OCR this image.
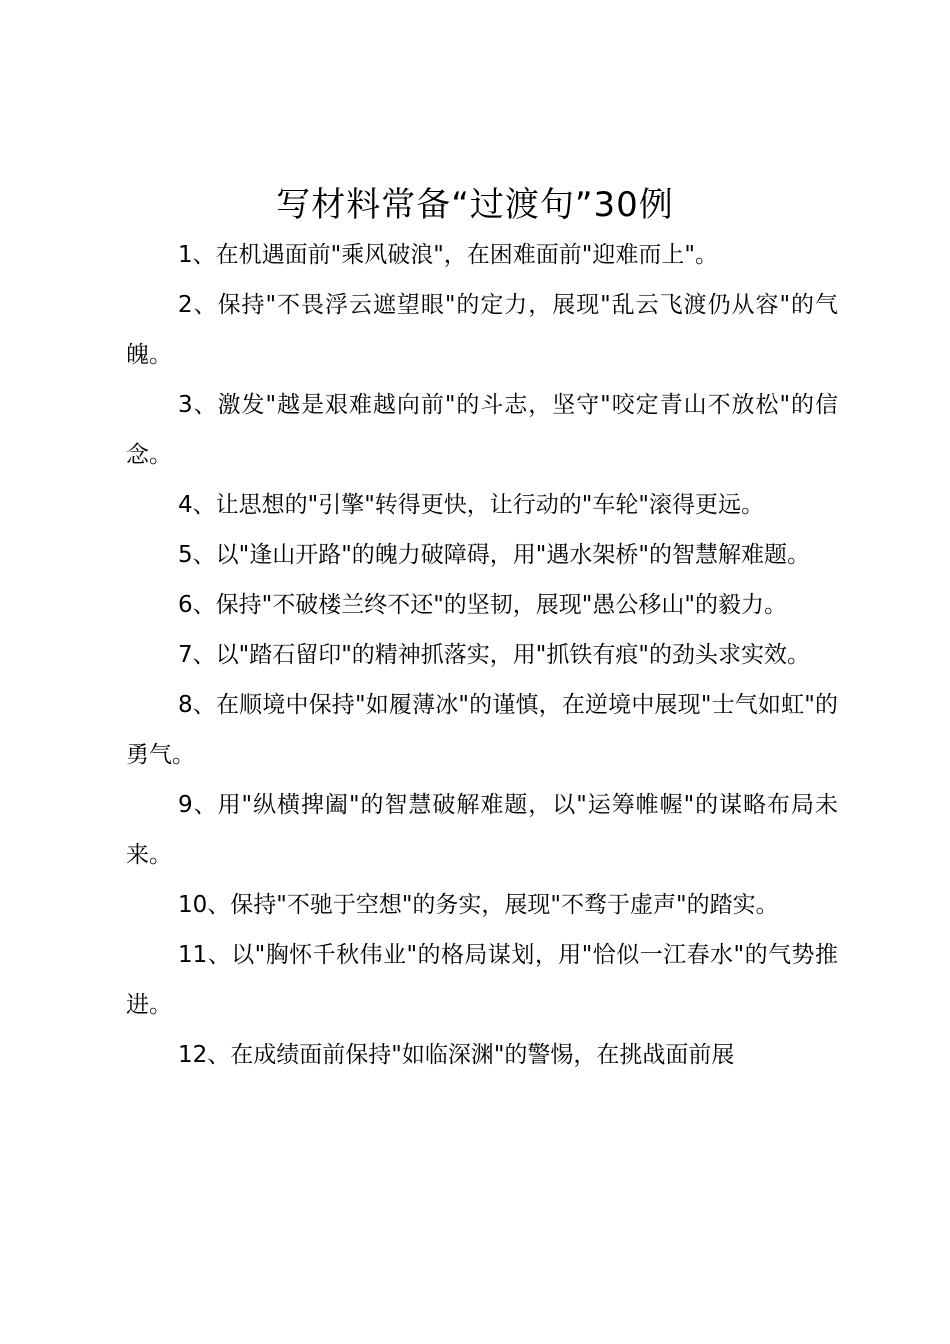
写材料常备“过渡句”30例

1、在机遇面前"乘风破浪"，在困难面前"迎难而上"。

2、保持"不畏浮云遮望眼"的定力，展现"乱云飞渡仍从容"的气魄。

3、激发"越是艰难越向前"的斗志，坚守"咬定青山不放松"的信念。

4、让思想的"引擎"转得更快，让行动的"车轮"滚得更远。

5、以"逢山开路"的魄力破障碍，用"遇水架桥"的智慧解难题。

6、保持"不破楼兰终不还"的坚韧，展现"愚公移山"的毅力。

7、以"踏石留印"的精神抓落实，用"抓铁有痕"的劲头求实效。

8、在顺境中保持"如履薄冰"的谨慎，在逆境中展现"士气如虹"的勇气。

9、用"纵横捭阖"的智慧破解难题，以"运筹帷幄"的谋略布局未来。

10、保持"不驰于空想"的务实，展现"不骛于虚声"的踏实。

11、以"胸怀千秋伟业"的格局谋划，用"恰似一江春水"的气势推进。

12、在成绩面前保持"如临深渊"的警惕，在挑战面前展
